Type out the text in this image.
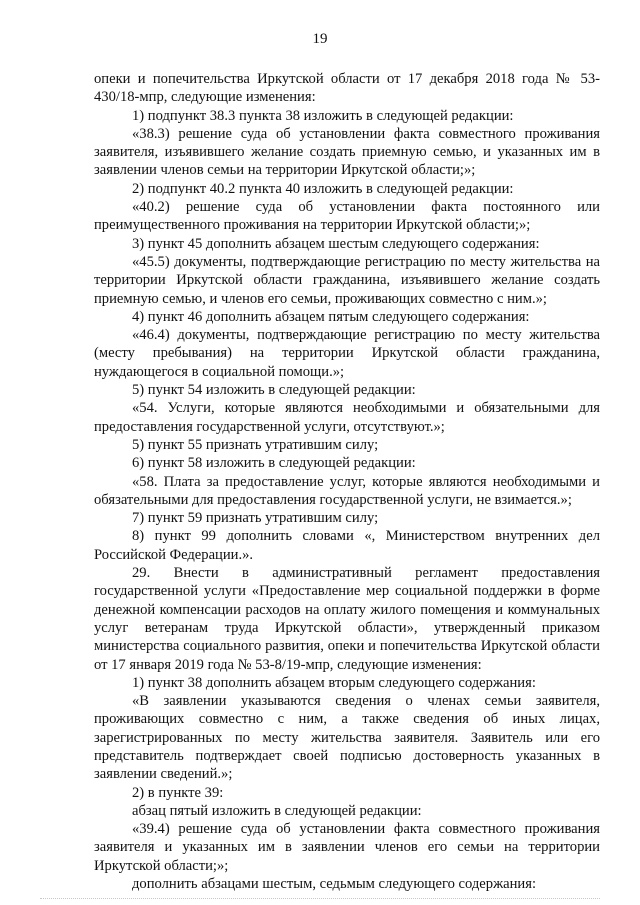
19

опеки и попечительства Иркутской области от 17 декабря 2018 года № 53-430/18-мпр, следующие изменения:

1) подпункт 38.3 пункта 38 изложить в следующей редакции:

«38.3) решение суда об установлении факта совместного проживания заявителя, изъявившего желание создать приемную семью, и указанных им в заявлении членов семьи на территории Иркутской области;»;

2) подпункт 40.2 пункта 40 изложить в следующей редакции:

«40.2) решение суда об установлении факта постоянного или преимущественного проживания на территории Иркутской области;»;

3) пункт 45 дополнить абзацем шестым следующего содержания:

«45.5) документы, подтверждающие регистрацию по месту жительства на территории Иркутской области гражданина, изъявившего желание создать приемную семью, и членов его семьи, проживающих совместно с ним.»;

4) пункт 46 дополнить абзацем пятым следующего содержания:

«46.4) документы, подтверждающие регистрацию по месту жительства (месту пребывания) на территории Иркутской области гражданина, нуждающегося в социальной помощи.»;

5) пункт 54 изложить в следующей редакции:

«54. Услуги, которые являются необходимыми и обязательными для предоставления государственной услуги, отсутствуют.»;

5) пункт 55 признать утратившим силу;

6) пункт 58 изложить в следующей редакции:

«58. Плата за предоставление услуг, которые являются необходимыми и обязательными для предоставления государственной услуги, не взимается.»;

7) пункт 59 признать утратившим силу;

8) пункт 99 дополнить словами «, Министерством внутренних дел Российской Федерации.».

29. Внести в административный регламент предоставления государственной услуги «Предоставление мер социальной поддержки в форме денежной компенсации расходов на оплату жилого помещения и коммунальных услуг ветеранам труда Иркутской области», утвержденный приказом министерства социального развития, опеки и попечительства Иркутской области от 17 января 2019 года № 53-8/19-мпр, следующие изменения:

1) пункт 38 дополнить абзацем вторым следующего содержания:

«В заявлении указываются сведения о членах семьи заявителя, проживающих совместно с ним, а также сведения об иных лицах, зарегистрированных по месту жительства заявителя. Заявитель или его представитель подтверждает своей подписью достоверность указанных в заявлении сведений.»;

2) в пункте 39:

абзац пятый изложить в следующей редакции:

«39.4) решение суда об установлении факта совместного проживания заявителя и указанных им в заявлении членов его семьи на территории Иркутской области;»;

дополнить абзацами шестым, седьмым следующего содержания:
